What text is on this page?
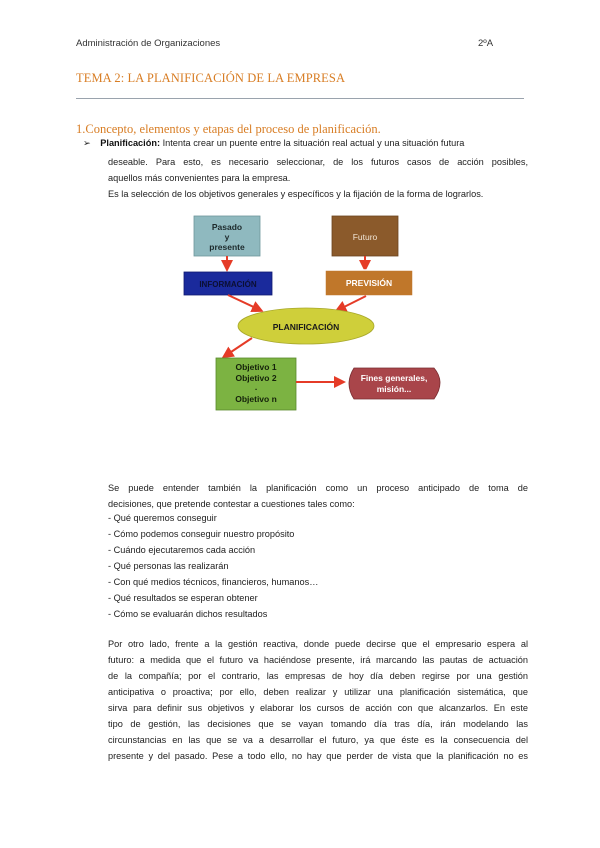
Administración de Organizaciones	2ºA
TEMA 2: LA PLANIFICACIÓN DE LA EMPRESA
1.Concepto, elementos y etapas del proceso de planificación.
➢ Planificación: Intenta crear un puente entre la situación real actual y una situación futura
deseable. Para esto, es necesario seleccionar, de los futuros casos de acción posibles,
aquellos más convenientes para la empresa.
Es la selección de los objetivos generales y específicos y la fijación de la forma de lograrlos.
Pasado
y
presente
Futuro
INFORMACIÓN	PREVISIÓN
PLANIFICACIÓN
Objetivo 1
Objetivo 2
.
Objetivo n
Fines generales,
misión...
Se puede entender también la planificación como un proceso anticipado de toma de
decisiones, que pretende contestar a cuestiones tales como:
- Qué queremos conseguir
- Cómo podemos conseguir nuestro propósito
- Cuándo ejecutaremos cada acción
- Qué personas las realizarán
- Con qué medios técnicos, financieros, humanos…
- Qué resultados se esperan obtener
- Cómo se evaluarán dichos resultados
Por otro lado, frente a la gestión reactiva, donde puede decirse que el empresario espera al
futuro: a medida que el futuro va haciéndose presente, irá marcando las pautas de actuación
de la compañía; por el contrario, las empresas de hoy día deben regirse por una gestión
anticipativa o proactiva; por ello, deben realizar y utilizar una planificación sistemática, que
sirva para definir sus objetivos y elaborar los cursos de acción con que alcanzarlos. En este
tipo de gestión, las decisiones que se vayan tomando día tras día, irán modelando las
circunstancias en las que se va a desarrollar el futuro, ya que éste es la consecuencia del
presente y del pasado. Pese a todo ello, no hay que perder de vista que la planificación no es
